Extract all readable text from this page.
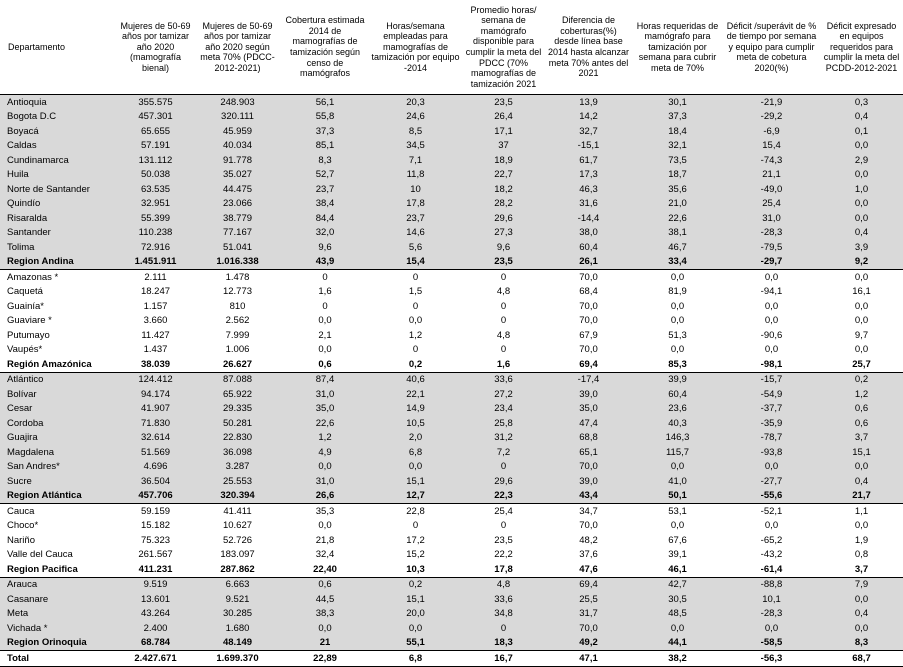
Departamento	Mujeres de 50-69 años por tamizar año 2020 (mamografía bienal)	Mujeres de 50-69 años por tamizar año 2020 según meta 70% (PDCC-2012-2021)	Cobertura estimada 2014 de mamografías de tamización según censo de mamógrafos	Horas/semana empleadas para mamografías de tamización por equipo -2014	Promedio horas/ semana de mamógrafo disponible para cumplir la meta del PDCC (70% mamografías de tamización 2021	Diferencia de coberturas(%) desde línea base 2014 hasta alcanzar meta 70% antes del 2021	Horas requeridas de mamógrafo para tamización por semana para cubrir meta de 70%	Déficit /superávit de % de tiempo por semana y equipo para cumplir meta de cobetura 2020(%)	Déficit expresado en equipos requeridos para cumplir la meta del PCDD-2012-2021
Antioquia	355.575	248.903	56,1	20,3	23,5	13,9	30,1	-21,9	0,3
Bogota D.C	457.301	320.111	55,8	24,6	26,4	14,2	37,3	-29,2	0,4
Boyacá	65.655	45.959	37,3	8,5	17,1	32,7	18,4	-6,9	0,1
Caldas	57.191	40.034	85,1	34,5	37	-15,1	32,1	15,4	0,0
Cundinamarca	131.112	91.778	8,3	7,1	18,9	61,7	73,5	-74,3	2,9
Huila	50.038	35.027	52,7	11,8	22,7	17,3	18,7	21,1	0,0
Norte de Santander	63.535	44.475	23,7	10	18,2	46,3	35,6	-49,0	1,0
Quindío	32.951	23.066	38,4	17,8	28,2	31,6	21,0	25,4	0,0
Risaralda	55.399	38.779	84,4	23,7	29,6	-14,4	22,6	31,0	0,0
Santander	110.238	77.167	32,0	14,6	27,3	38,0	38,1	-28,3	0,4
Tolima	72.916	51.041	9,6	5,6	9,6	60,4	46,7	-79,5	3,9
Region Andina	1.451.911	1.016.338	43,9	15,4	23,5	26,1	33,4	-29,7	9,2
Amazonas *	2.111	1.478	0	0	0	70,0	0,0	0,0	0,0
Caquetá	18.247	12.773	1,6	1,5	4,8	68,4	81,9	-94,1	16,1
Guainía*	1.157	810	0	0	0	70,0	0,0	0,0	0,0
Guaviare *	3.660	2.562	0,0	0,0	0	70,0	0,0	0,0	0,0
Putumayo	11.427	7.999	2,1	1,2	4,8	67,9	51,3	-90,6	9,7
Vaupés*	1.437	1.006	0,0	0	0	70,0	0,0	0,0	0,0
Región Amazónica	38.039	26.627	0,6	0,2	1,6	69,4	85,3	-98,1	25,7
Atlántico	124.412	87.088	87,4	40,6	33,6	-17,4	39,9	-15,7	0,2
Bolívar	94.174	65.922	31,0	22,1	27,2	39,0	60,4	-54,9	1,2
Cesar	41.907	29.335	35,0	14,9	23,4	35,0	23,6	-37,7	0,6
Cordoba	71.830	50.281	22,6	10,5	25,8	47,4	40,3	-35,9	0,6
Guajira	32.614	22.830	1,2	2,0	31,2	68,8	146,3	-78,7	3,7
Magdalena	51.569	36.098	4,9	6,8	7,2	65,1	115,7	-93,8	15,1
San Andres*	4.696	3.287	0,0	0,0	0	70,0	0,0	0,0	0,0
Sucre	36.504	25.553	31,0	15,1	29,6	39,0	41,0	-27,7	0,4
Region Atlántica	457.706	320.394	26,6	12,7	22,3	43,4	50,1	-55,6	21,7
Cauca	59.159	41.411	35,3	22,8	25,4	34,7	53,1	-52,1	1,1
Choco*	15.182	10.627	0,0	0	0	70,0	0,0	0,0	0,0
Nariño	75.323	52.726	21,8	17,2	23,5	48,2	67,6	-65,2	1,9
Valle del Cauca	261.567	183.097	32,4	15,2	22,2	37,6	39,1	-43,2	0,8
Region Pacifica	411.231	287.862	22,40	10,3	17,8	47,6	46,1	-61,4	3,7
Arauca	9.519	6.663	0,6	0,2	4,8	69,4	42,7	-88,8	7,9
Casanare	13.601	9.521	44,5	15,1	33,6	25,5	30,5	10,1	0,0
Meta	43.264	30.285	38,3	20,0	34,8	31,7	48,5	-28,3	0,4
Vichada *	2.400	1.680	0,0	0,0	0	70,0	0,0	0,0	0,0
Region Orinoquia	68.784	48.149	21	55,1	18,3	49,2	44,1	-58,5	8,3
Total	2.427.671	1.699.370	22,89	6,8	16,7	47,1	38,2	-56,3	68,7
